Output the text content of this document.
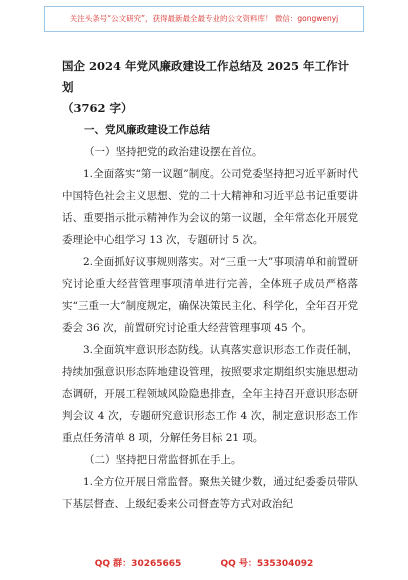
关注头条号“公文研究”，获得最新最全最专业的公文资料库！ 微信：gongwenyj

国企 2024 年党风廉政建设工作总结及 2025 年工作计划
（3762 字）

一、党风廉政建设工作总结

（一）坚持把党的政治建设摆在首位。

1.全面落实“第一议题”制度。公司党委坚持把习近平新时代中国特色社会主义思想、党的二十大精神和习近平总书记重要讲话、重要指示批示精神作为会议的第一议题，全年常态化开展党委理论中心组学习 13 次，专题研讨 5 次。

2.全面抓好议事规则落实。对“三重一大”事项清单和前置研究讨论重大经营管理事项清单进行完善，全体班子成员严格落实“三重一大”制度规定，确保决策民主化、科学化，全年召开党委会 36 次，前置研究讨论重大经营管理事项 45 个。

3.全面筑牢意识形态防线。认真落实意识形态工作责任制，持续加强意识形态阵地建设管理，按照要求定期组织实施思想动态调研，开展工程领域风险隐患排查，全年主持召开意识形态研判会议 4 次，专题研究意识形态工作 4 次，制定意识形态工作重点任务清单 8 项，分解任务目标 21 项。

（二）坚持把日常监督抓在手上。

1.全方位开展日常监督。聚焦关键少数，通过纪委委员带队下基层督查、上级纪委来公司督查等方式对政治纪

QQ 群：30265665	QQ 号：535304092
